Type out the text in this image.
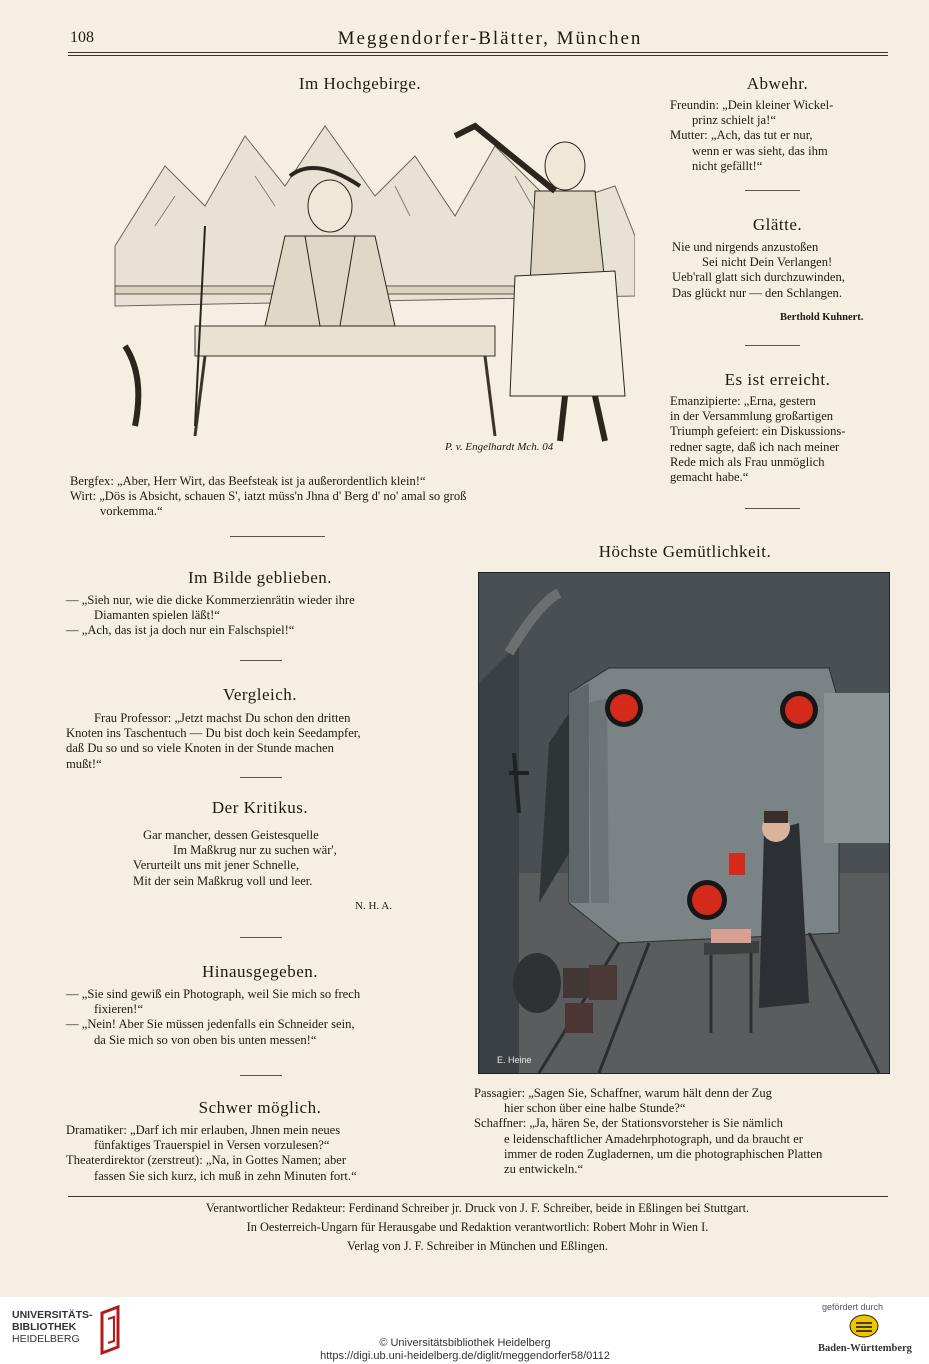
108	Meggendorfer-Blätter, München
Im Hochgebirge.
P. v. Engelhardt Mch. 04
Bergfex: „Aber, Herr Wirt, das Beefsteak ist ja außerordentlich klein!“
Wirt: „Dös is Absicht, schauen S', iatzt müss'n Jhna d' Berg d' no' amal so groß
vorkemma.“
Abwehr.
Freundin: „Dein kleiner Wickel-
prinz schielt ja!“
Mutter: „Ach, das tut er nur,
wenn er was sieht, das ihm
nicht gefällt!“
Glätte.
Nie und nirgends anzustoßen
Sei nicht Dein Verlangen!
Ueb'rall glatt sich durchzuwinden,
Das glückt nur — den Schlangen.
Berthold Kuhnert.
Es ist erreicht.
Emanzipierte: „Erna, gestern
in der Versammlung großartigen
Triumph gefeiert: ein Diskussions-
redner sagte, daß ich nach meiner
Rede mich als Frau unmöglich
gemacht habe.“
Im Bilde geblieben.
— „Sieh nur, wie die dicke Kommerzienrätin wieder ihre
Diamanten spielen läßt!“
— „Ach, das ist ja doch nur ein Falschspiel!“
Vergleich.
Frau Professor: „Jetzt machst Du schon den dritten
Knoten ins Taschentuch — Du bist doch kein Seedampfer,
daß Du so und so viele Knoten in der Stunde machen
mußt!“
Der Kritikus.
Gar mancher, dessen Geistesquelle
Im Maßkrug nur zu suchen wär',
Verurteilt uns mit jener Schnelle,
Mit der sein Maßkrug voll und leer.
N. H. A.
Hinausgegeben.
— „Sie sind gewiß ein Photograph, weil Sie mich so frech
fixieren!“
— „Nein! Aber Sie müssen jedenfalls ein Schneider sein,
da Sie mich so von oben bis unten messen!“
Schwer möglich.
Dramatiker: „Darf ich mir erlauben, Jhnen mein neues
fünfaktiges Trauerspiel in Versen vorzulesen?“
Theaterdirektor (zerstreut): „Na, in Gottes Namen; aber
fassen Sie sich kurz, ich muß in zehn Minuten fort.“
Höchste Gemütlichkeit.
E. Heine
Passagier: „Sagen Sie, Schaffner, warum hält denn der Zug
hier schon über eine halbe Stunde?“
Schaffner: „Ja, hären Se, der Stationsvorsteher is Sie nämlich
e leidenschaftlicher Amadehrphotograph, und da braucht er
immer de roden Zugladernen, um die photographischen Platten
zu entwickeln.“
Verantwortlicher Redakteur: Ferdinand Schreiber jr. Druck von J. F. Schreiber, beide in Eßlingen bei Stuttgart.
In Oesterreich-Ungarn für Herausgabe und Redaktion verantwortlich: Robert Mohr in Wien I.
Verlag von J. F. Schreiber in München und Eßlingen.
UNIVERSITÄTS-
BIBLIOTHEK
HEIDELBERG	© Universitätsbibliothek Heidelberg
https://digi.ub.uni-heidelberg.de/diglit/meggendorfer58/0112
gefördert durch
Baden-Württemberg
